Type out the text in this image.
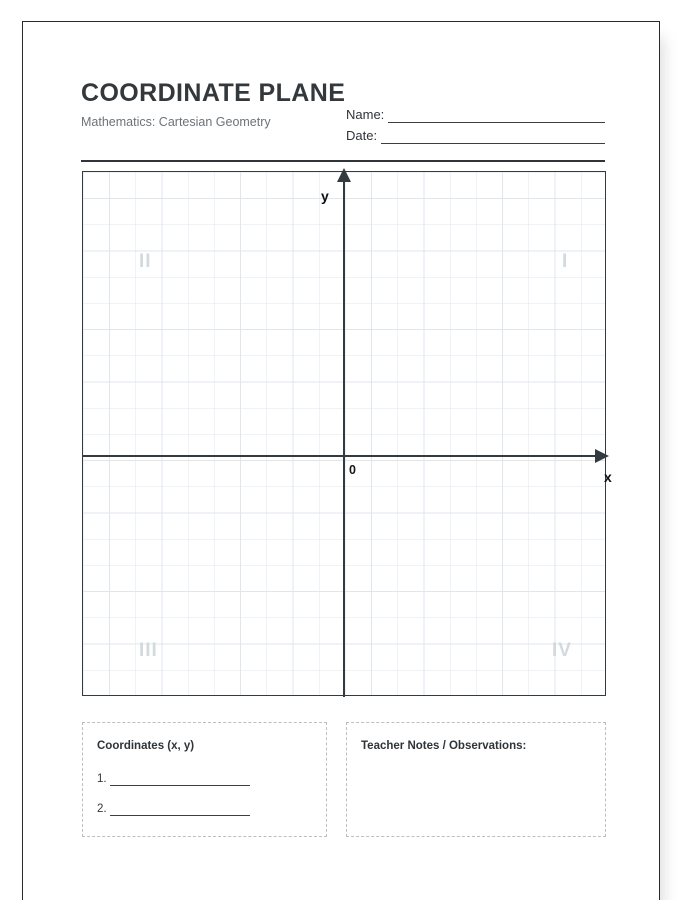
COORDINATE PLANE
Mathematics: Cartesian Geometry	Name:
Date:
y
x
0
I
II
III	IV
Coordinates (x, y)
1.
2.
Teacher Notes / Observations:
